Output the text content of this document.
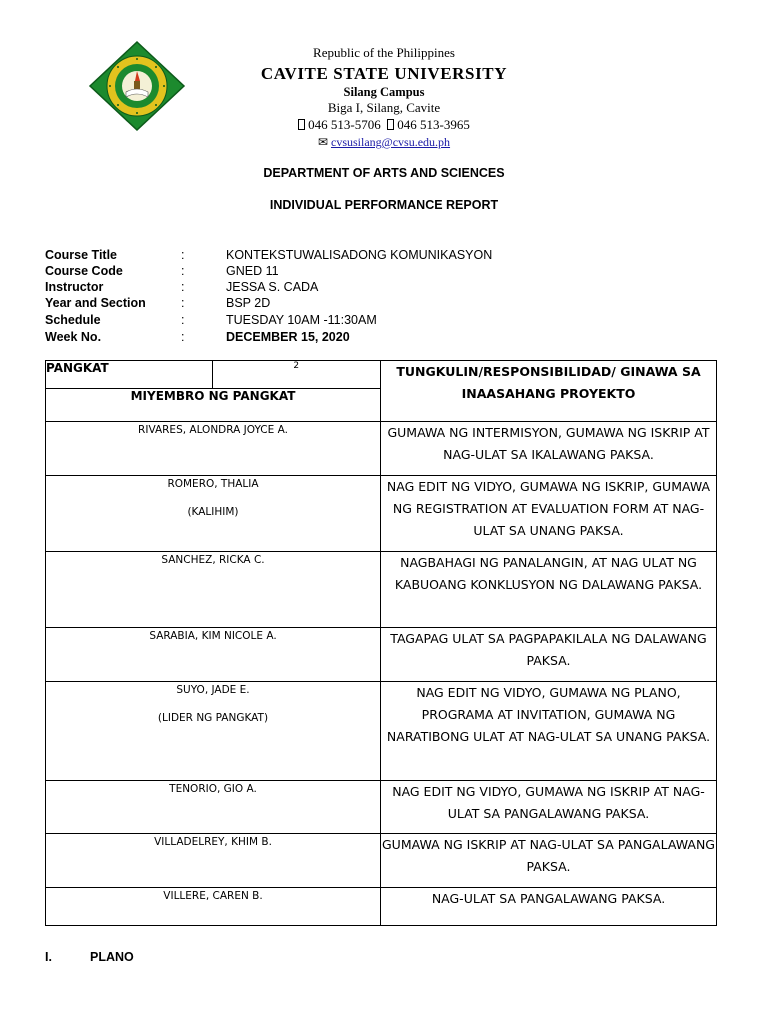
Republic of the Philippines
CAVITE STATE UNIVERSITY
Silang Campus
Biga I, Silang, Cavite
046 513-5706 046 513-3965
✉ cvsusilang@cvsu.edu.ph
DEPARTMENT OF ARTS AND SCIENCES
INDIVIDUAL PERFORMANCE REPORT
Course Title	:	KONTEKSTUWALISADONG KOMUNIKASYON
Course Code	:	GNED 11
Instructor	:	JESSA S. CADA
Year and Section	:	BSP 2D
Schedule	:	TUESDAY 10AM -11:30AM
Week No.	:	DECEMBER 15, 2020
PANGKAT	2
MIYEMBRO NG PANGKAT
	TUNGKULIN/RESPONSIBILIDAD/ GINAWA SA INAASAHANG PROYEKTO

RIVARES, ALONDRA JOYCE A.	GUMAWA NG INTERMISYON, GUMAWA NG ISKRIP AT NAG-ULAT SA IKALAWANG PAKSA.

ROMERO, THALIA
(KALIHIM)
	NAG EDIT NG VIDYO, GUMAWA NG ISKRIP, GUMAWA NG REGISTRATION AT EVALUATION FORM AT NAG-ULAT SA UNANG PAKSA.

SANCHEZ, RICKA C.	NAGBAHAGI NG PANALANGIN, AT NAG ULAT NG KABUOANG KONKLUSYON NG DALAWANG PAKSA.

SARABIA, KIM NICOLE A.	TAGAPAG ULAT SA PAGPAPAKILALA NG DALAWANG PAKSA.

SUYO, JADE E.
(LIDER NG PANGKAT)
	NAG EDIT NG VIDYO, GUMAWA NG PLANO, PROGRAMA AT INVITATION, GUMAWA NG NARATIBONG ULAT AT NAG-ULAT SA UNANG PAKSA.

TENORIO, GIO A.	NAG EDIT NG VIDYO, GUMAWA NG ISKRIP AT NAG-ULAT SA PANGALAWANG PAKSA.

VILLADELREY, KHIM B.	GUMAWA NG ISKRIP AT NAG-ULAT SA PANGALAWANG PAKSA.

VILLERE, CAREN B.	NAG-ULAT SA PANGALAWANG PAKSA.
I.	PLANO
